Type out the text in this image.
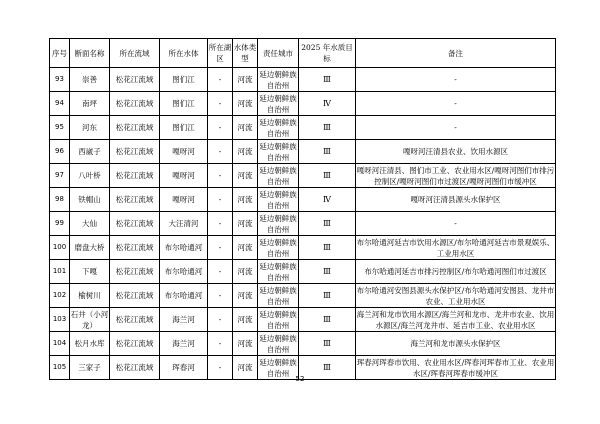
序号	断面名称	所在流域	所在水体	所在湖区	水体类型	责任城市	2025 年水质目标	备注
93	崇善	松花江流域	图们江	-	河流	延边朝鲜族自治州	Ⅲ	-
94	南坪	松花江流域	图们江	-	河流	延边朝鲜族自治州	Ⅳ	-
95	河东	松花江流域	图们江	-	河流	延边朝鲜族自治州	Ⅲ	-
96	西崴子	松花江流域	嘎呀河	-	河流	延边朝鲜族自治州	Ⅲ	嘎呀河汪清县农业、饮用水源区
97	八叶桥	松花江流域	嘎呀河	-	河流	延边朝鲜族自治州	Ⅲ	嘎呀河汪清县、图们市工业、农业用水区/嘎呀河图们市排污控制区/嘎呀河图们市过渡区/嘎呀河图们市缓冲区
98	铁帽山	松花江流域	嘎呀河	-	河流	延边朝鲜族自治州	Ⅳ	嘎呀河汪清县源头水保护区
99	大仙	松花江流域	大汪清河	-	河流	延边朝鲜族自治州	Ⅲ	-
100	磨盘大桥	松花江流域	布尔哈通河	-	河流	延边朝鲜族自治州	Ⅲ	布尔哈通河延吉市饮用水源区/布尔哈通河延吉市景观娱乐、工业用水区
101	下嘎	松花江流域	布尔哈通河	-	河流	延边朝鲜族自治州	Ⅲ	布尔哈通河延吉市排污控制区/布尔哈通河图们市过渡区
102	榆树川	松花江流域	布尔哈通河	-	河流	延边朝鲜族自治州	Ⅲ	布尔哈通河安图县源头水保护区/布尔哈通河安图县、龙井市农业、工业用水区
103	石井（小河龙）	松花江流域	海兰河	-	河流	延边朝鲜族自治州	Ⅲ	海兰河和龙市饮用水源区/海兰河和龙市、龙井市农业、饮用水源区/海兰河龙井市、延吉市工业、农业用水区
104	松月水库	松花江流域	海兰河	-	河流	延边朝鲜族自治州	Ⅲ	海兰河和龙市源头水保护区
105	三家子	松花江流域	珲春河	-	河流	延边朝鲜族自治州	Ⅲ	珲春河珲春市饮用、农业用水区/珲春河珲春市工业、农业用水区/珲春河珲春市缓冲区
52
